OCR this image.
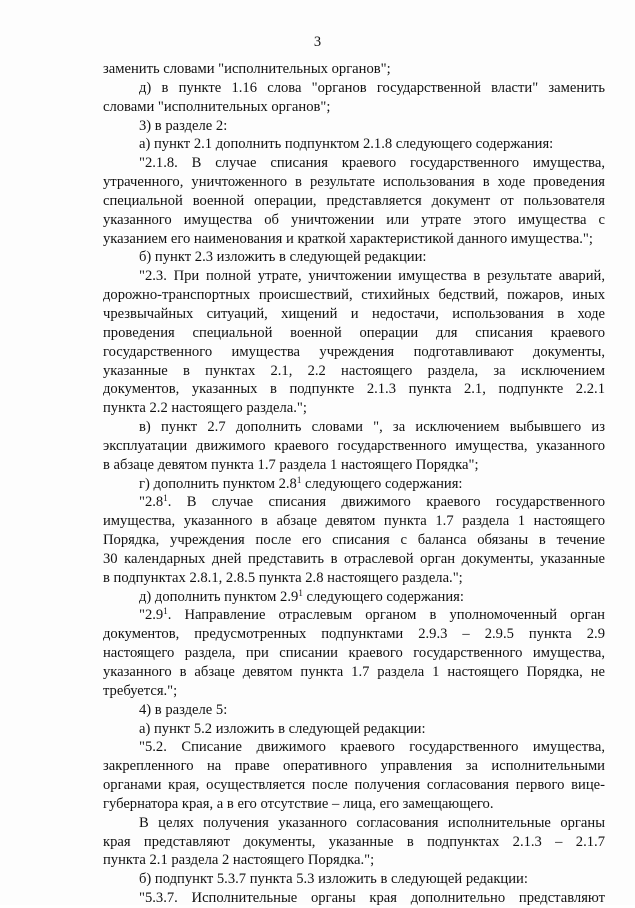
3
заменить словами "исполнительных органов";
д) в пункте 1.16 слова "органов государственной власти" заменить
словами "исполнительных органов";
3) в разделе 2:
а) пункт 2.1 дополнить подпунктом 2.1.8 следующего содержания:
"2.1.8. В случае списания краевого государственного имущества,
утраченного, уничтоженного в результате использования в ходе проведения
специальной военной операции, представляется документ от пользователя
указанного имущества об уничтожении или утрате этого имущества с
указанием его наименования и краткой характеристикой данного имущества.";
б) пункт 2.3 изложить в следующей редакции:
"2.3. При полной утрате, уничтожении имущества в результате аварий,
дорожно-транспортных происшествий, стихийных бедствий, пожаров, иных
чрезвычайных ситуаций, хищений и недостачи, использования в ходе
проведения специальной военной операции для списания краевого
государственного имущества учреждения подготавливают документы,
указанные в пунктах 2.1, 2.2 настоящего раздела, за исключением
документов, указанных в подпункте 2.1.3 пункта 2.1, подпункте 2.2.1
пункта 2.2 настоящего раздела.";
в) пункт 2.7 дополнить словами ", за исключением выбывшего из
эксплуатации движимого краевого государственного имущества, указанного
в абзаце девятом пункта 1.7 раздела 1 настоящего Порядка";
г) дополнить пунктом $2.8^1$ следующего содержания:
"$2.8^1$. В случае списания движимого краевого государственного
имущества, указанного в абзаце девятом пункта 1.7 раздела 1 настоящего
Порядка, учреждения после его списания с баланса обязаны в течение
30 календарных дней представить в отраслевой орган документы, указанные
в подпунктах 2.8.1, 2.8.5 пункта 2.8 настоящего раздела.";
д) дополнить пунктом $2.9^1$ следующего содержания:
"$2.9^1$. Направление отраслевым органом в уполномоченный орган
документов, предусмотренных подпунктами 2.9.3 – 2.9.5 пункта 2.9
настоящего раздела, при списании краевого государственного имущества,
указанного в абзаце девятом пункта 1.7 раздела 1 настоящего Порядка, не
требуется.";
4) в разделе 5:
а) пункт 5.2 изложить в следующей редакции:
"5.2. Списание движимого краевого государственного имущества,
закрепленного на праве оперативного управления за исполнительными
органами края, осуществляется после получения согласования первого вице-
губернатора края, а в его отсутствие – лица, его замещающего.
В целях получения указанного согласования исполнительные органы
края представляют документы, указанные в подпунктах 2.1.3 – 2.1.7
пункта 2.1 раздела 2 настоящего Порядка.";
б) подпункт 5.3.7 пункта 5.3 изложить в следующей редакции:
"5.3.7. Исполнительные органы края дополнительно представляют
